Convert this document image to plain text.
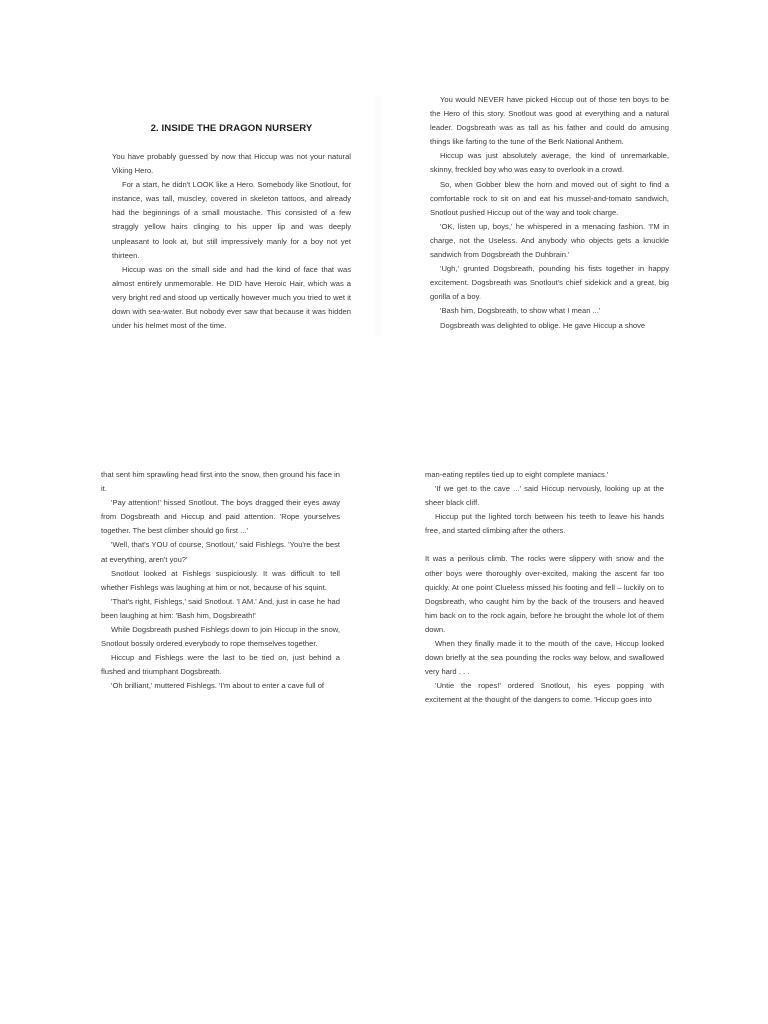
2. INSIDE THE DRAGON NURSERY

You have probably guessed by now that Hiccup was not your natural Viking Hero.

For a start, he didn't LOOK like a Hero. Somebody like Snotlout, for instance, was tall, muscley, covered in skeleton tattoos, and already had the beginnings of a small moustache. This consisted of a few straggly yellow hairs clinging to his upper lip and was deeply unpleasant to look at, but still impressively manly for a boy not yet thirteen.

Hiccup was on the small side and had the kind of face that was almost entirely unmemorable. He DID have Heroic Hair, which was a very bright red and stood up vertically however much you tried to wet it down with sea-water. But nobody ever saw that because it was hidden under his helmet most of the time.

You would NEVER have picked Hiccup out of those ten boys to be the Hero of this story. Snotlout was good at everything and a natural leader. Dogsbreath was as tall as his father and could do amusing things like farting to the tune of the Berk National Anthem.

Hiccup was just absolutely average, the kind of unremarkable, skinny, freckled boy who was easy to overlook in a crowd.

So, when Gobber blew the horn and moved out of sight to find a comfortable rock to sit on and eat his mussel-and-tomato sandwich, Snotlout pushed Hiccup out of the way and took charge.

'OK, listen up, boys,' he whispered in a menacing fashion. 'I'M in charge, not the Useless. And anybody who objects gets a knuckle sandwich from Dogsbreath the Duhbrain.'

'Ugh,' grunted Dogsbreath, pounding his fists together in happy excitement. Dogsbreath was Snotlout's chief sidekick and a great, big gorilla of a boy.

'Bash him, Dogsbreath, to show what I mean ...'

Dogsbreath was delighted to oblige. He gave Hiccup a shove

that sent him sprawling head first into the snow, then ground his face in it.

'Pay attention!' hissed Snotlout. The boys dragged their eyes away from Dogsbreath and Hiccup and paid attention. 'Rope yourselves together. The best climber should go first ...'

'Well, that's YOU of course, Snotlout,' said Fishlegs. 'You're the best at everything, aren't you?'

Snotlout looked at Fishlegs suspiciously. It was difficult to tell whether Fishlegs was laughing at him or not, because of his squint.

'That's right, Fishlegs,' said Snotlout. 'I AM.' And, just in case he had been laughing at him: 'Bash him, Dogsbreath!'

While Dogsbreath pushed Fishlegs down to join Hiccup in the snow, Snotlout bossily ordered everybody to rope themselves together.

Hiccup and Fishlegs were the last to be tied on, just behind a flushed and triumphant Dogsbreath.

'Oh brilliant,' muttered Fishlegs. 'I'm about to enter a cave full of

man-eating reptiles tied up to eight complete maniacs.'

'If we get to the cave ...' said Hiccup nervously, looking up at the sheer black cliff.

Hiccup put the lighted torch between his teeth to leave his hands free, and started climbing after the others.

It was a perilous climb. The rocks were slippery with snow and the other boys were thoroughly over-excited, making the ascent far too quickly. At one point Clueless missed his footing and fell – luckily on to Dogsbreath, who caught him by the back of the trousers and heaved him back on to the rock again, before he brought the whole lot of them down.

When they finally made it to the mouth of the cave, Hiccup looked down briefly at the sea pounding the rocks way below, and swallowed very hard . . .

'Untie the ropes!' ordered Snotlout, his eyes popping with excitement at the thought of the dangers to come. 'Hiccup goes into
